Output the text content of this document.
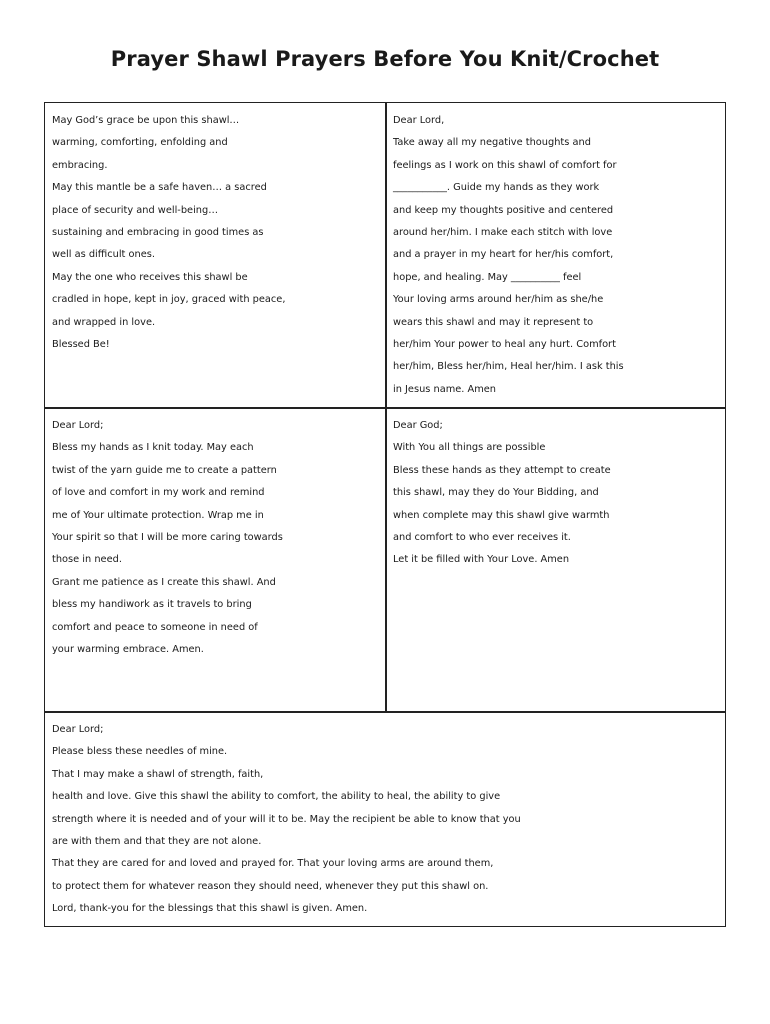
Prayer Shawl Prayers Before You Knit/Crochet
May God’s grace be upon this shawl…
warming, comforting, enfolding and
embracing.
May this mantle be a safe haven… a sacred
place of security and well-being…
sustaining and embracing in good times as
well as difficult ones.
May the one who receives this shawl be
cradled in hope, kept in joy, graced with peace,
and wrapped in love.
Blessed Be!
Dear Lord,
Take away all my negative thoughts and
feelings as I work on this shawl of comfort for
___________. Guide my hands as they work
and keep my thoughts positive and centered
around her/him. I make each stitch with love
and a prayer in my heart for her/his comfort,
hope, and healing. May __________ feel
Your loving arms around her/him as she/he
wears this shawl and may it represent to
her/him Your power to heal any hurt. Comfort
her/him, Bless her/him, Heal her/him. I ask this
in Jesus name. Amen
Dear Lord;
Bless my hands as I knit today. May each
twist of the yarn guide me to create a pattern
of love and comfort in my work and remind
me of Your ultimate protection. Wrap me in
Your spirit so that I will be more caring towards
those in need.
Grant me patience as I create this shawl. And
bless my handiwork as it travels to bring
comfort and peace to someone in need of
your warming embrace. Amen.
Dear God;
With You all things are possible
Bless these hands as they attempt to create
this shawl, may they do Your Bidding, and
when complete may this shawl give warmth
and comfort to who ever receives it.
Let it be filled with Your Love. Amen
Dear Lord;
Please bless these needles of mine.
That I may make a shawl of strength, faith,
health and love. Give this shawl the ability to comfort, the ability to heal, the ability to give
strength where it is needed and of your will it to be. May the recipient be able to know that you
are with them and that they are not alone.
That they are cared for and loved and prayed for. That your loving arms are around them,
to protect them for whatever reason they should need, whenever they put this shawl on.
Lord, thank-you for the blessings that this shawl is given. Amen.
